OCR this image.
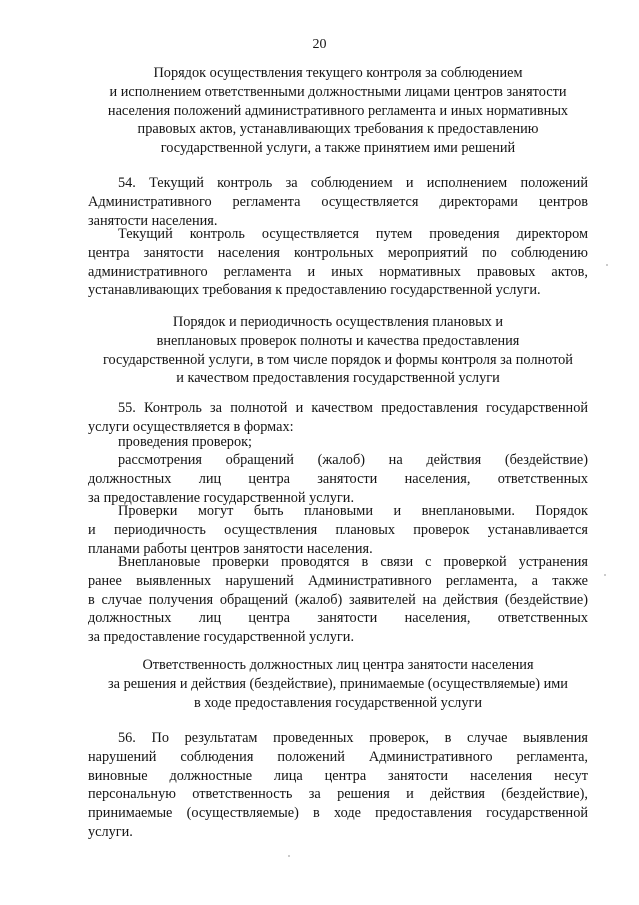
20
Порядок осуществления текущего контроля за соблюдением
и исполнением ответственными должностными лицами центров занятости
населения положений административного регламента и иных нормативных
правовых актов, устанавливающих требования к предоставлению
государственной услуги, а также принятием ими решений
54. Текущий контроль за соблюдением и исполнением положений
Административного регламента осуществляется директорами центров
занятости населения.
Текущий контроль осуществляется путем проведения директором
центра занятости населения контрольных мероприятий по соблюдению
административного регламента и иных нормативных правовых актов,
устанавливающих требования к предоставлению государственной услуги.
Порядок и периодичность осуществления плановых и
внеплановых проверок полноты и качества предоставления
государственной услуги, в том числе порядок и формы контроля за полнотой
и качеством предоставления государственной услуги
55. Контроль за полнотой и качеством предоставления государственной
услуги осуществляется в формах:
проведения проверок;
рассмотрения обращений (жалоб) на действия (бездействие)
должностных лиц центра занятости населения, ответственных
за предоставление государственной услуги.
Проверки могут быть плановыми и внеплановыми. Порядок
и периодичность осуществления плановых проверок устанавливается
планами работы центров занятости населения.
Внеплановые проверки проводятся в связи с проверкой устранения
ранее выявленных нарушений Административного регламента, а также
в случае получения обращений (жалоб) заявителей на действия (бездействие)
должностных лиц центра занятости населения, ответственных
за предоставление государственной услуги.
Ответственность должностных лиц центра занятости населения
за решения и действия (бездействие), принимаемые (осуществляемые) ими
в ходе предоставления государственной услуги
56. По результатам проведенных проверок, в случае выявления
нарушений соблюдения положений Административного регламента,
виновные должностные лица центра занятости населения несут
персональную ответственность за решения и действия (бездействие),
принимаемые (осуществляемые) в ходе предоставления государственной
услуги.
